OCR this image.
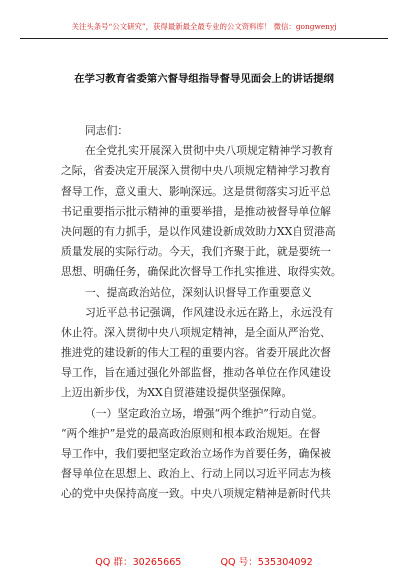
关注头条号“公文研究”，获得最新最全最专业的公文资料库！ 微信：gongwenyj
在学习教育省委第六督导组指导督导见面会上的讲话提纲
同志们：
在全党扎实开展深入贯彻中央八项规定精神学习教育
之际，省委决定开展深入贯彻中央八项规定精神学习教育
督导工作，意义重大、影响深远。这是贯彻落实习近平总
书记重要指示批示精神的重要举措，是推动被督导单位解
决问题的有力抓手，是以作风建设新成效助力XX自贸港高
质量发展的实际行动。今天，我们齐聚于此，就是要统一
思想、明确任务，确保此次督导工作扎实推进、取得实效。
一、提高政治站位，深刻认识督导工作重要意义
习近平总书记强调，作风建设永远在路上，永远没有
休止符。深入贯彻中央八项规定精神，是全面从严治党、
推进党的建设新的伟大工程的重要内容。省委开展此次督
导工作，旨在通过强化外部监督，推动各单位在作风建设
上迈出新步伐，为XX自贸港建设提供坚强保障。
（一）坚定政治立场，增强“两个维护”行动自觉。
“两个维护”是党的最高政治原则和根本政治规矩。在督
导工作中，我们要把坚定政治立场作为首要任务，确保被
督导单位在思想上、政治上、行动上同以习近平同志为核
心的党中央保持高度一致。中央八项规定精神是新时代共
QQ 群：30265665	QQ 号：535304092
